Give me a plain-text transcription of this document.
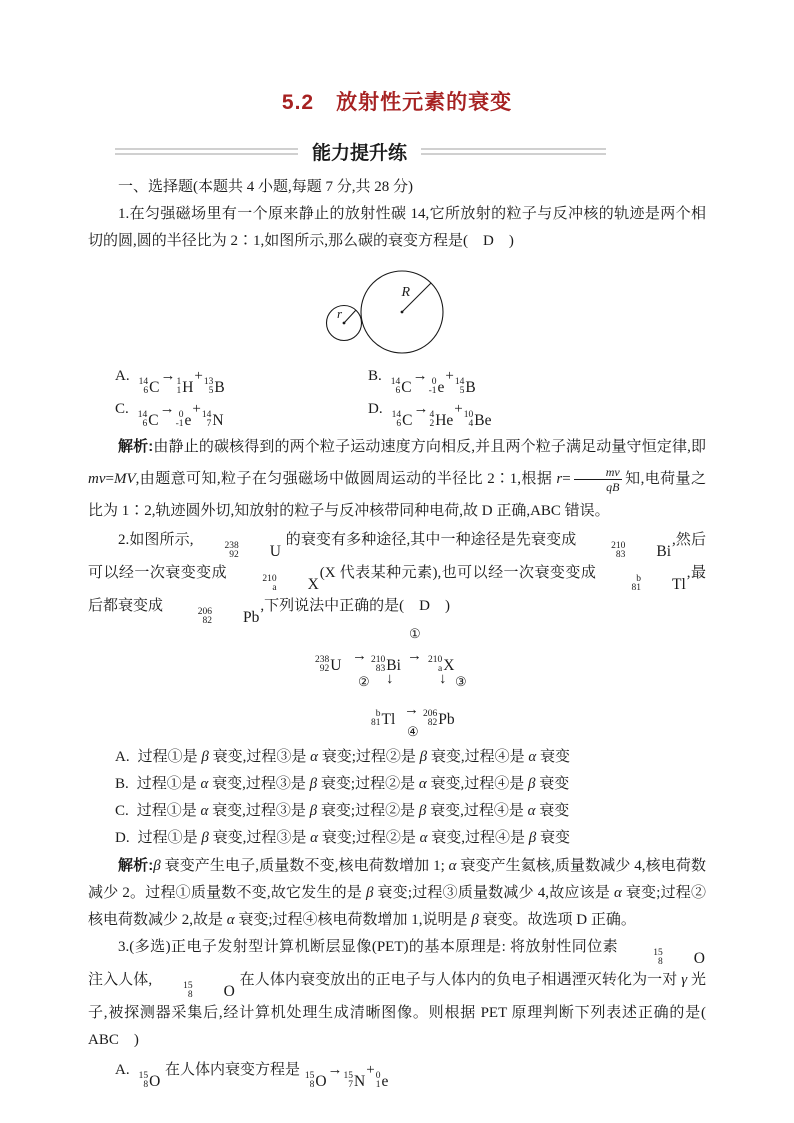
5.2　放射性元素的衰变
能力提升练

一、选择题(本题共 4 小题,每题 7 分,共 28 分)

1.在匀强磁场里有一个原来静止的放射性碳 14,它所放射的粒子与反冲核的轨迹是两个相切的圆,圆的半径比为 2∶1,如图所示,那么碳的衰变方程是(　D　)

r
R
A. 14
6 C
→ 1
1 H
+ 13
5 B
B. 14
6 C
→ 0
-1 e
+ 14
5 B
C. 14
6 C
→ 0
-1 e
+ 14
7 N
D. 14
6 C
→ 4
2 He
+ 10
4 Be

解析:由静止的碳核得到的两个粒子运动速度方向相反,并且两个粒子满足动量守恒定律,即 mv=MV,由题意可知,粒子在匀强磁场中做圆周运动的半径比 2∶1,根据 $r= \frac{mv}{qB}$ 知,电荷量之比为 1∶2,轨迹圆外切,知放射的粒子与反冲核带同种电荷,故 D 正确,ABC 错误。

2.如图所示,	238
92	U
的衰变有多种途径,其中一种途径是先衰变成	210
83	Bi
,然后可以经一次衰变变成	210
a	X
(X 代表某种元素),也可以经一次衰变变成	b
81	Tl
,最后都衰变成	206
82	Pb
,下列说法中正确的是(　D　)

238
92 U
→ 210
83 Bi
①
→ 210
a X
↓
②	↓ ③
b
81 Tl
→ 206
82 Pb
④
A. 过程①是 β 衰变,过程③是 α 衰变;过程②是 β 衰变,过程④是 α 衰变
B. 过程①是 α 衰变,过程③是 β 衰变;过程②是 α 衰变,过程④是 β 衰变
C. 过程①是 α 衰变,过程③是 β 衰变;过程②是 β 衰变,过程④是 α 衰变
D. 过程①是 β 衰变,过程③是 α 衰变;过程②是 α 衰变,过程④是 β 衰变

解析:β 衰变产生电子,质量数不变,核电荷数增加 1; α 衰变产生氦核,质量数减少 4,核电荷数减少 2。过程①质量数不变,故它发生的是 β 衰变;过程③质量数减少 4,故应该是 α 衰变;过程②核电荷数减少 2,故是 α 衰变;过程④核电荷数增加 1,说明是 β 衰变。故选项 D 正确。

3.(多选)正电子发射型计算机断层显像(PET)的基本原理是: 将放射性同位素	15
8	O
注入人体,	15
8	O
在人体内衰变放出的正电子与人体内的负电子相遇湮灭转化为一对 γ 光子,被探测器采集后,经计算机处理生成清晰图像。则根据 PET 原理判断下列表述正确的是(　ABC　)

A. 15
8 O
在人体内衰变方程是 15
8 O
→ 15
7 N
+ 0
1 e
